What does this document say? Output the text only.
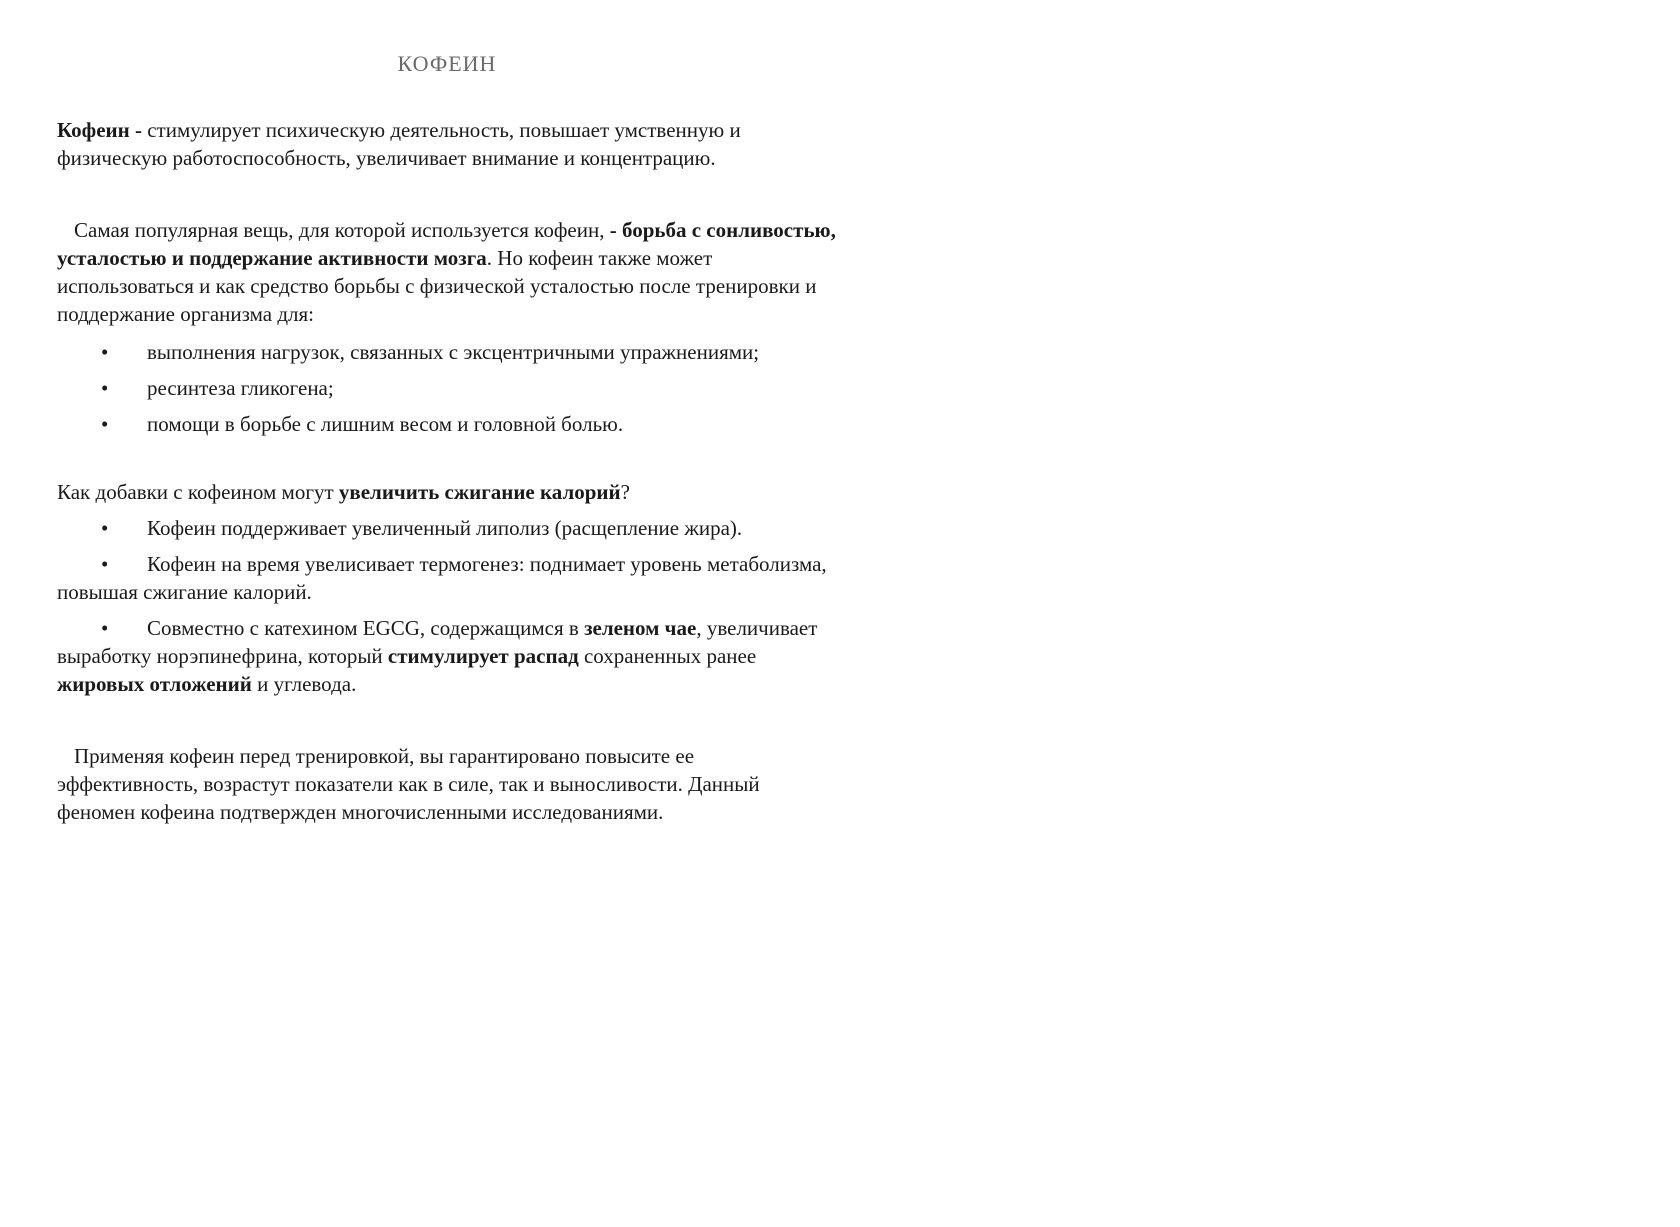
КОФЕИН

Кофеин - стимулирует психическую деятельность, повышает умственную и физическую работоспособность, увеличивает внимание и концентрацию.

Самая популярная вещь, для которой используется кофеин, - борьба с сонливостью, усталостью и поддержание активности мозга. Но кофеин также может использоваться и как средство борьбы с физической усталостью после тренировки и поддержание организма для:

• выполнения нагрузок, связанных с эксцентричными упражнениями;
• ресинтеза гликогена;
• помощи в борьбе с лишним весом и головной болью.

Как добавки с кофеином могут увеличить сжигание калорий?

• Кофеин поддерживает увеличенный липолиз (расщепление жира).

• Кофеин на время увелисивает термогенез: поднимает уровень метаболизма, повышая сжигание калорий.

• Совместно с катехином EGCG, содержащимся в зеленом чае, увеличивает выработку норэпинефрина, который стимулирует распад сохраненных ранее жировых отложений и углевода.

Применяя кофеин перед тренировкой, вы гарантировано повысите ее эффективность, возрастут показатели как в силе, так и выносливости. Данный феномен кофеина подтвержден многочисленными исследованиями.
